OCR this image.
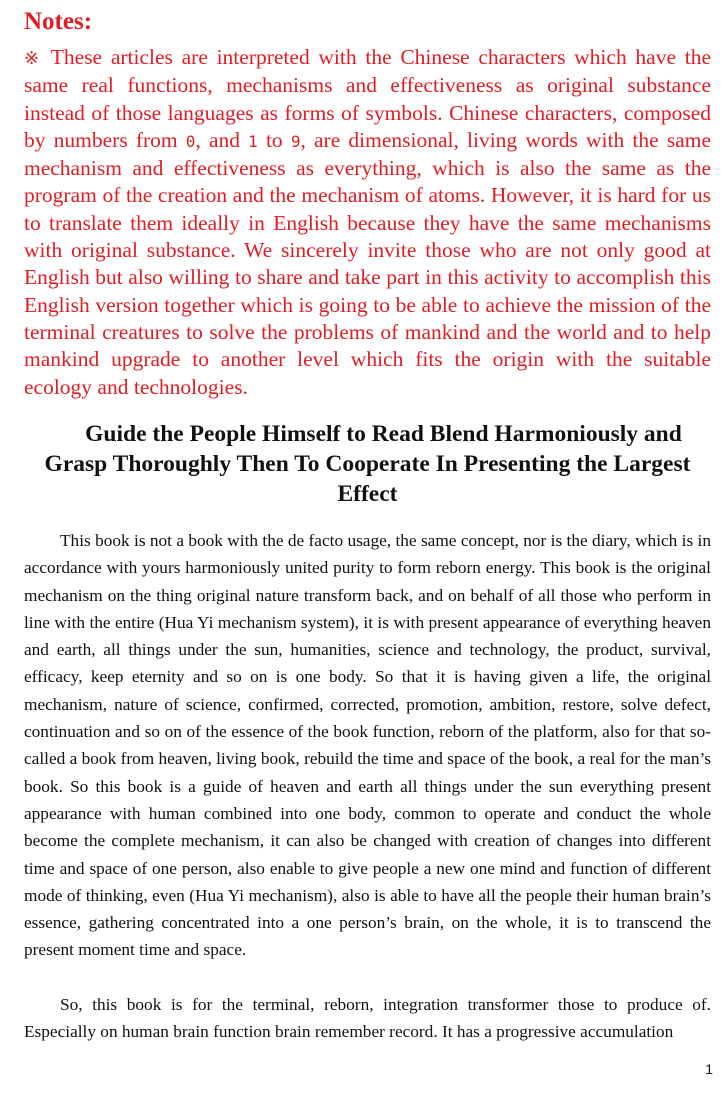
Notes:

※ These articles are interpreted with the Chinese characters which have the same real functions, mechanisms and effectiveness as original substance instead of those languages as forms of symbols. Chinese characters, composed by numbers from 0, and 1 to 9, are dimensional, living words with the same mechanism and effectiveness as everything, which is also the same as the program of the creation and the mechanism of atoms. However, it is hard for us to translate them ideally in English because they have the same mechanisms with original substance. We sincerely invite those who are not only good at English but also willing to share and take part in this activity to accomplish this English version together which is going to be able to achieve the mission of the terminal creatures to solve the problems of mankind and the world and to help mankind upgrade to another level which fits the origin with the suitable ecology and technologies.

Guide the People Himself to Read Blend Harmoniously and
Grasp Thoroughly Then To Cooperate In Presenting the Largest
Effect

This book is not a book with the de facto usage, the same concept, nor is the diary, which is in accordance with yours harmoniously united purity to form reborn energy. This book is the original mechanism on the thing original nature transform back, and on behalf of all those who perform in line with the entire (Hua Yi mechanism system), it is with present appearance of everything heaven and earth, all things under the sun, humanities, science and technology, the product, survival, efficacy, keep eternity and so on is one body. So that it is having given a life, the original mechanism, nature of science, confirmed, corrected, promotion, ambition, restore, solve defect, continuation and so on of the essence of the book function, reborn of the platform, also for that so-called a book from heaven, living book, rebuild the time and space of the book, a real for the man’s book. So this book is a guide of heaven and earth all things under the sun everything present appearance with human combined into one body, common to operate and conduct the whole become the complete mechanism, it can also be changed with creation of changes into different time and space of one person, also enable to give people a new one mind and function of different mode of thinking, even (Hua Yi mechanism), also is able to have all the people their human brain’s essence, gathering concentrated into a one person’s brain, on the whole, it is to transcend the present moment time and space.

So, this book is for the terminal, reborn, integration transformer those to produce of. Especially on human brain function brain remember record. It has a progressive accumulation

1
